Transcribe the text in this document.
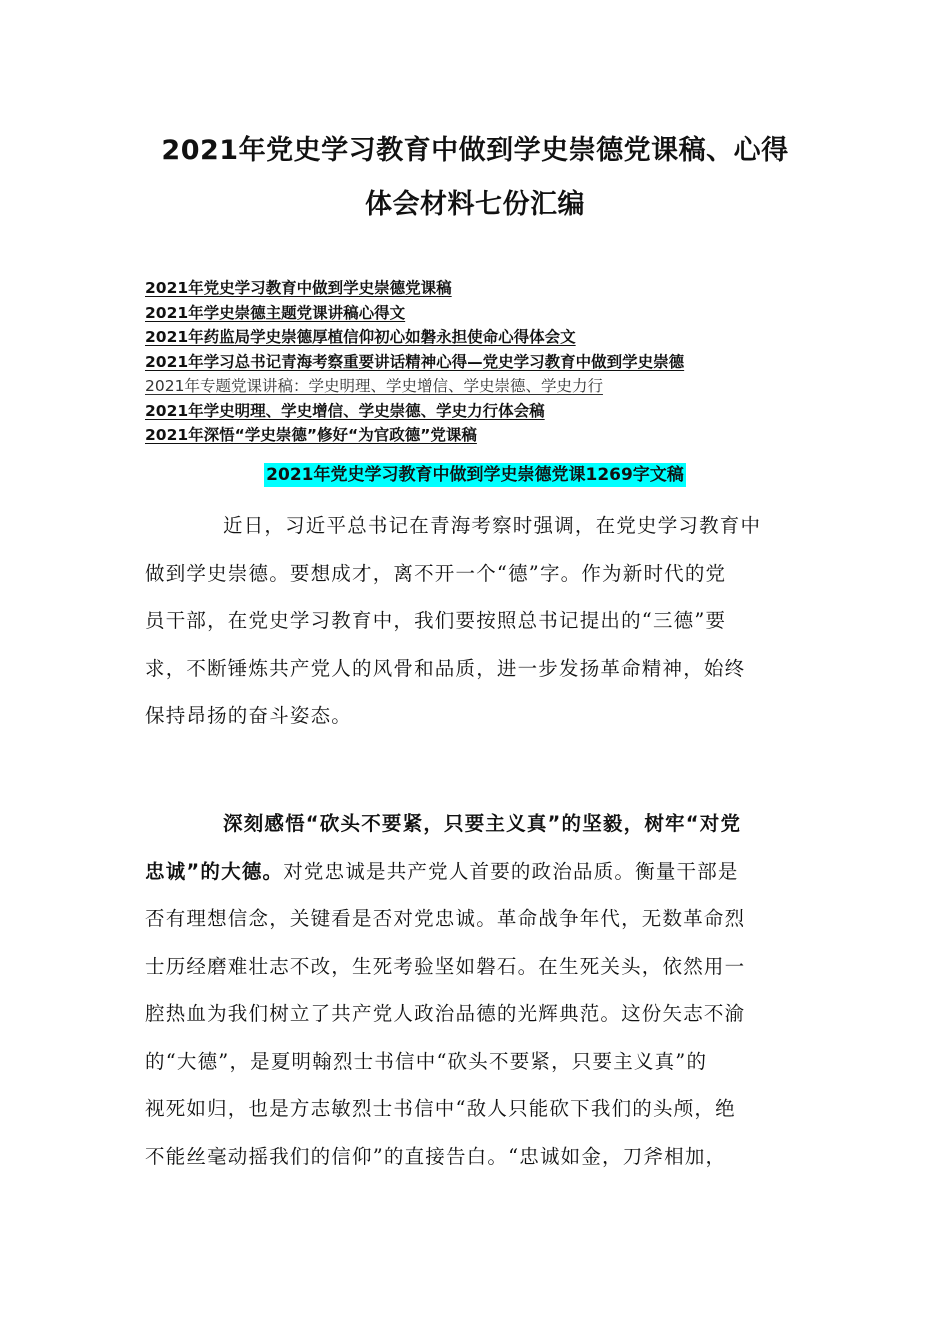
2021年党史学习教育中做到学史崇德党课稿、心得
体会材料七份汇编
2021年党史学习教育中做到学史崇德党课稿
2021年学史崇德主题党课讲稿心得文
2021年药监局学史崇德厚植信仰初心如磐永担使命心得体会文
2021年学习总书记青海考察重要讲话精神心得—党史学习教育中做到学史崇德
2021年专题党课讲稿：学史明理、学史增信、学史崇德、学史力行
2021年学史明理、学史增信、学史崇德、学史力行体会稿
2021年深悟“学史崇德”修好“为官政德”党课稿
2021年党史学习教育中做到学史崇德党课1269字文稿
近日，习近平总书记在青海考察时强调，在党史学习教育中
做到学史崇德。要想成才，离不开一个“德”字。作为新时代的党
员干部，在党史学习教育中，我们要按照总书记提出的“三德”要
求，不断锤炼共产党人的风骨和品质，进一步发扬革命精神，始终
保持昂扬的奋斗姿态。
深刻感悟“砍头不要紧，只要主义真”的坚毅，树牢“对党
忠诚”的大德。对党忠诚是共产党人首要的政治品质。衡量干部是
否有理想信念，关键看是否对党忠诚。革命战争年代，无数革命烈
士历经磨难壮志不改，生死考验坚如磐石。在生死关头，依然用一
腔热血为我们树立了共产党人政治品德的光辉典范。这份矢志不渝
的“大德”，是夏明翰烈士书信中“砍头不要紧，只要主义真”的
视死如归，也是方志敏烈士书信中“敌人只能砍下我们的头颅，绝
不能丝毫动摇我们的信仰”的直接告白。“忠诚如金，刀斧相加，
